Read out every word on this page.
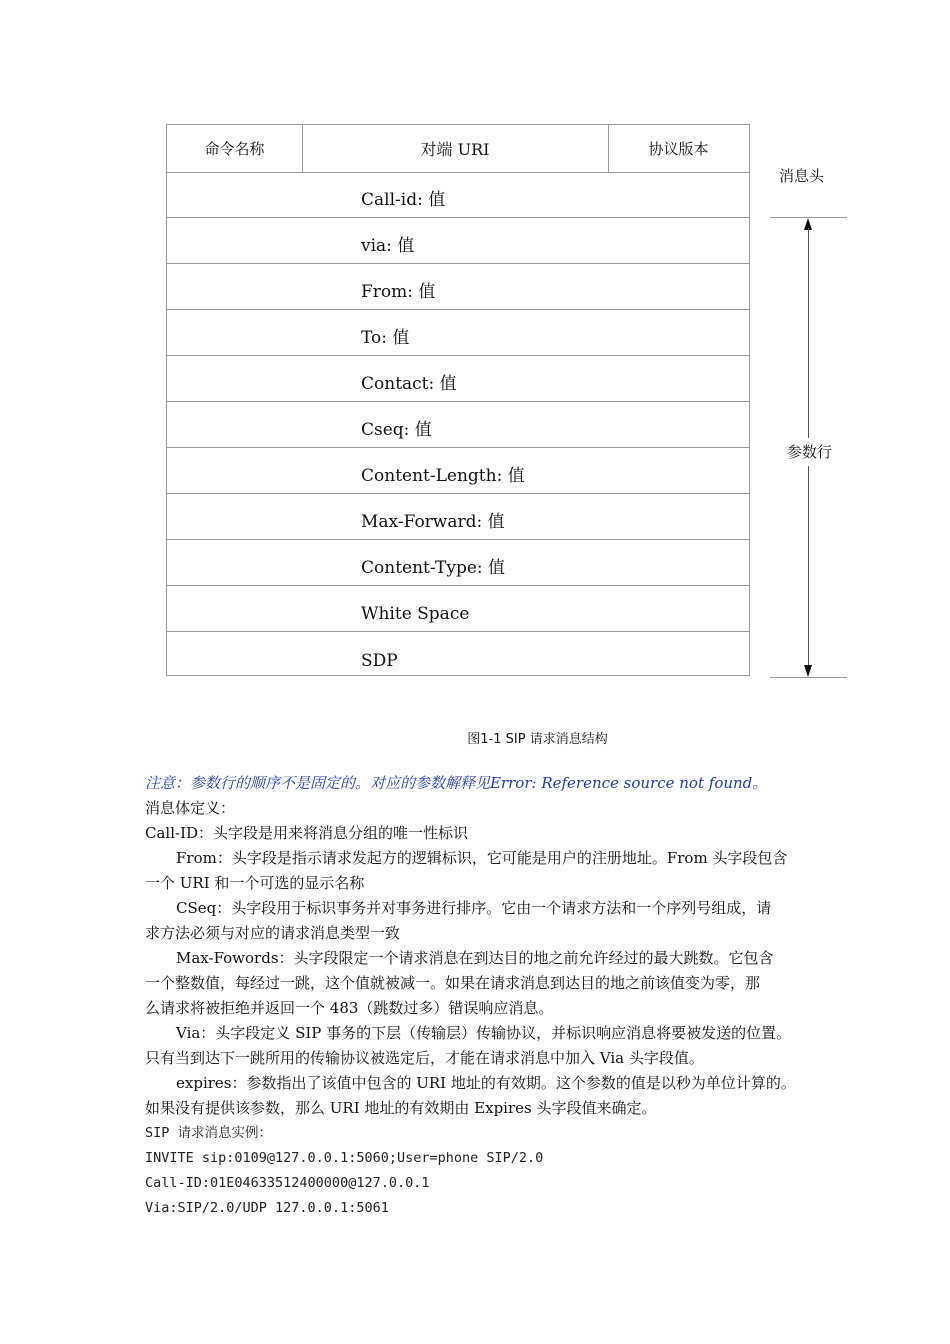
命令名称	对端 URI	协议版本
Call-id: 值
via: 值
From: 值
To: 值
Contact: 值
Cseq: 值
Content-Length: 值
Max-Forward: 值
Content-Type: 值
White Space
SDP
消息头
参数行
图1-1 SIP 请求消息结构
注意：参数行的顺序不是固定的。对应的参数解释见Error: Reference source not found。
消息体定义：
Call-ID：头字段是用来将消息分组的唯一性标识
From：头字段是指示请求发起方的逻辑标识，它可能是用户的注册地址。From 头字段包含
一个 URI 和一个可选的显示名称
CSeq：头字段用于标识事务并对事务进行排序。它由一个请求方法和一个序列号组成，请
求方法必须与对应的请求消息类型一致
Max-Fowords：头字段限定一个请求消息在到达目的地之前允许经过的最大跳数。它包含
一个整数值，每经过一跳，这个值就被减一。如果在请求消息到达目的地之前该值变为零，那
么请求将被拒绝并返回一个 483（跳数过多）错误响应消息。
Via：头字段定义 SIP 事务的下层（传输层）传输协议，并标识响应消息将要被发送的位置。
只有当到达下一跳所用的传输协议被选定后，才能在请求消息中加入 Via 头字段值。
expires：参数指出了该值中包含的 URI 地址的有效期。这个参数的值是以秒为单位计算的。
如果没有提供该参数，那么 URI 地址的有效期由 Expires 头字段值来确定。
SIP 请求消息实例：
INVITE sip:0109@127.0.0.1:5060;User=phone SIP/2.0
Call-ID:01E04633512400000@127.0.0.1
Via:SIP/2.0/UDP 127.0.0.1:5061
